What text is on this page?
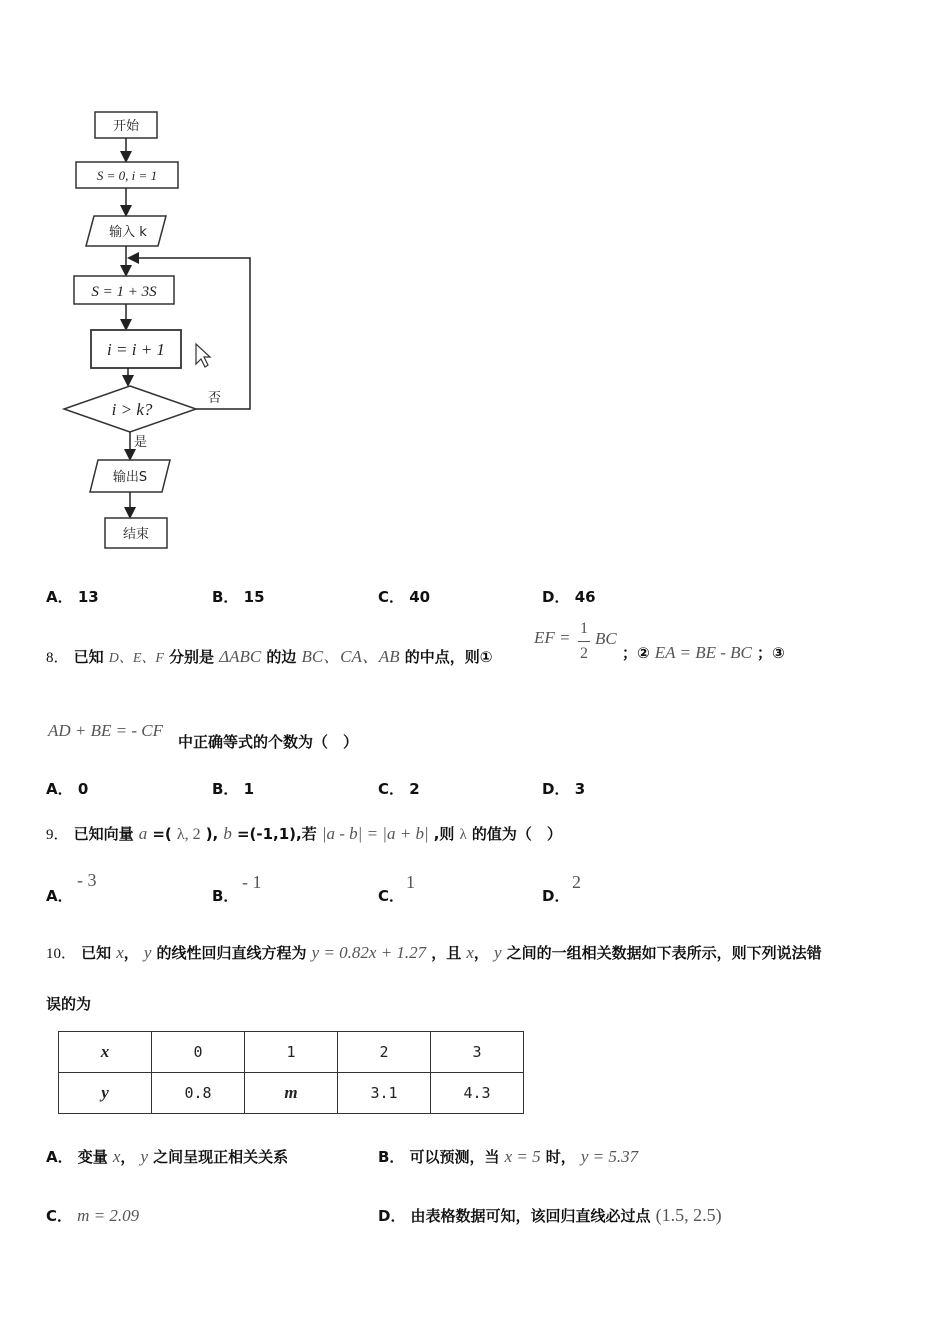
开始
S = 0, i = 1
输入 k
S = 1 + 3S
i = i + 1
i > k?
否
是
输出S
结束
A． 13	B． 15	C． 40	D． 46
8． 已知 D、E、F 分别是 ΔABC 的边 BC、CA、AB 的中点，则①
EF = 1
2
BC
；② EA = BE - BC ；③
AD + BE = - CF
中正确等式的个数为（　）
A． 0	B． 1	C． 2	D． 3
9． 已知向量 a =( λ, 2 ), b =(-1,1),若 |a - b| = |a + b| ,则 λ 的值为（　）
A．
- 3
B．
- 1
C．
1
D．
2
10． 已知 x， y 的线性回归直线方程为 y = 0.82x + 1.27 ，且 x， y 之间的一组相关数据如下表所示，则下列说法错
误的为
x	0	1	2	3
y	0.8	m	3.1	4.3
A． 变量 x， y 之间呈现正相关关系	B． 可以预测，当 x = 5 时， y = 5.37
C． m = 2.09	D． 由表格数据可知，该回归直线必过点 (1.5, 2.5)
